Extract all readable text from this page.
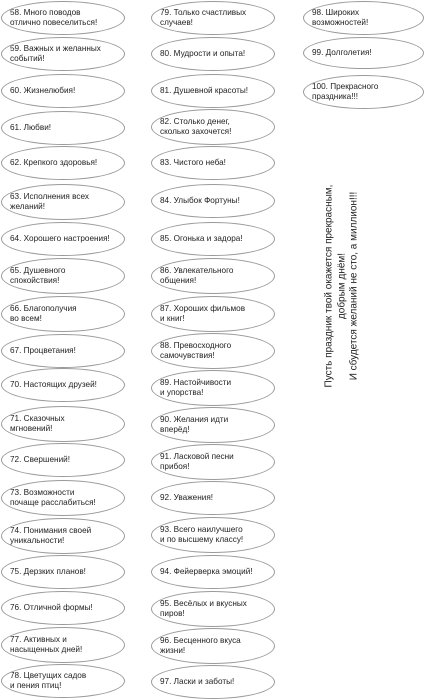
58. Много поводов
отлично повеселиться!
59. Важных и желанных
событий!
60. Жизнелюбия!
61. Любви!
62. Крепкого здоровья!
63. Исполнения всех
желаний!
64. Хорошего настроения!
65. Душевного
спокойствия!
66. Благополучия
во всем!
67. Процветания!
70. Настоящих друзей!
71. Сказочных
мгновений!
72. Свершений!
73. Возможности
почаще расслабиться!
74. Понимания своей
уникальности!
75. Дерзких планов!
76. Отличной формы!
77. Активных и
насыщенных дней!
78. Цветущих садов
и пения птиц!
79. Только счастливых
случаев!
80. Мудрости и опыта!
81. Душевной красоты!
82. Столько денег,
сколько захочется!
83. Чистого неба!
84. Улыбок Фортуны!
85. Огонька и задора!
86. Увлекательного
общения!
87. Хороших фильмов
и книг!
88. Превосходного
самочувствия!
89. Настойчивости
и упорства!
90. Желания идти
вперёд!
91. Ласковой песни
прибоя!
92. Уважения!
93. Всего наилучшего
и по высшему классу!
94. Фейерверка эмоций!
95. Весёлых и вкусных
пиров!
96. Бесценного вкуса
жизни!
97. Ласки и заботы!
98. Широких
возможностей!
99. Долголетия!
100. Прекрасного
праздника!!!
Пусть праздник твой окажется прекрасным,
добрым днём!
И сбудется желаний не сто, а миллион!!!
